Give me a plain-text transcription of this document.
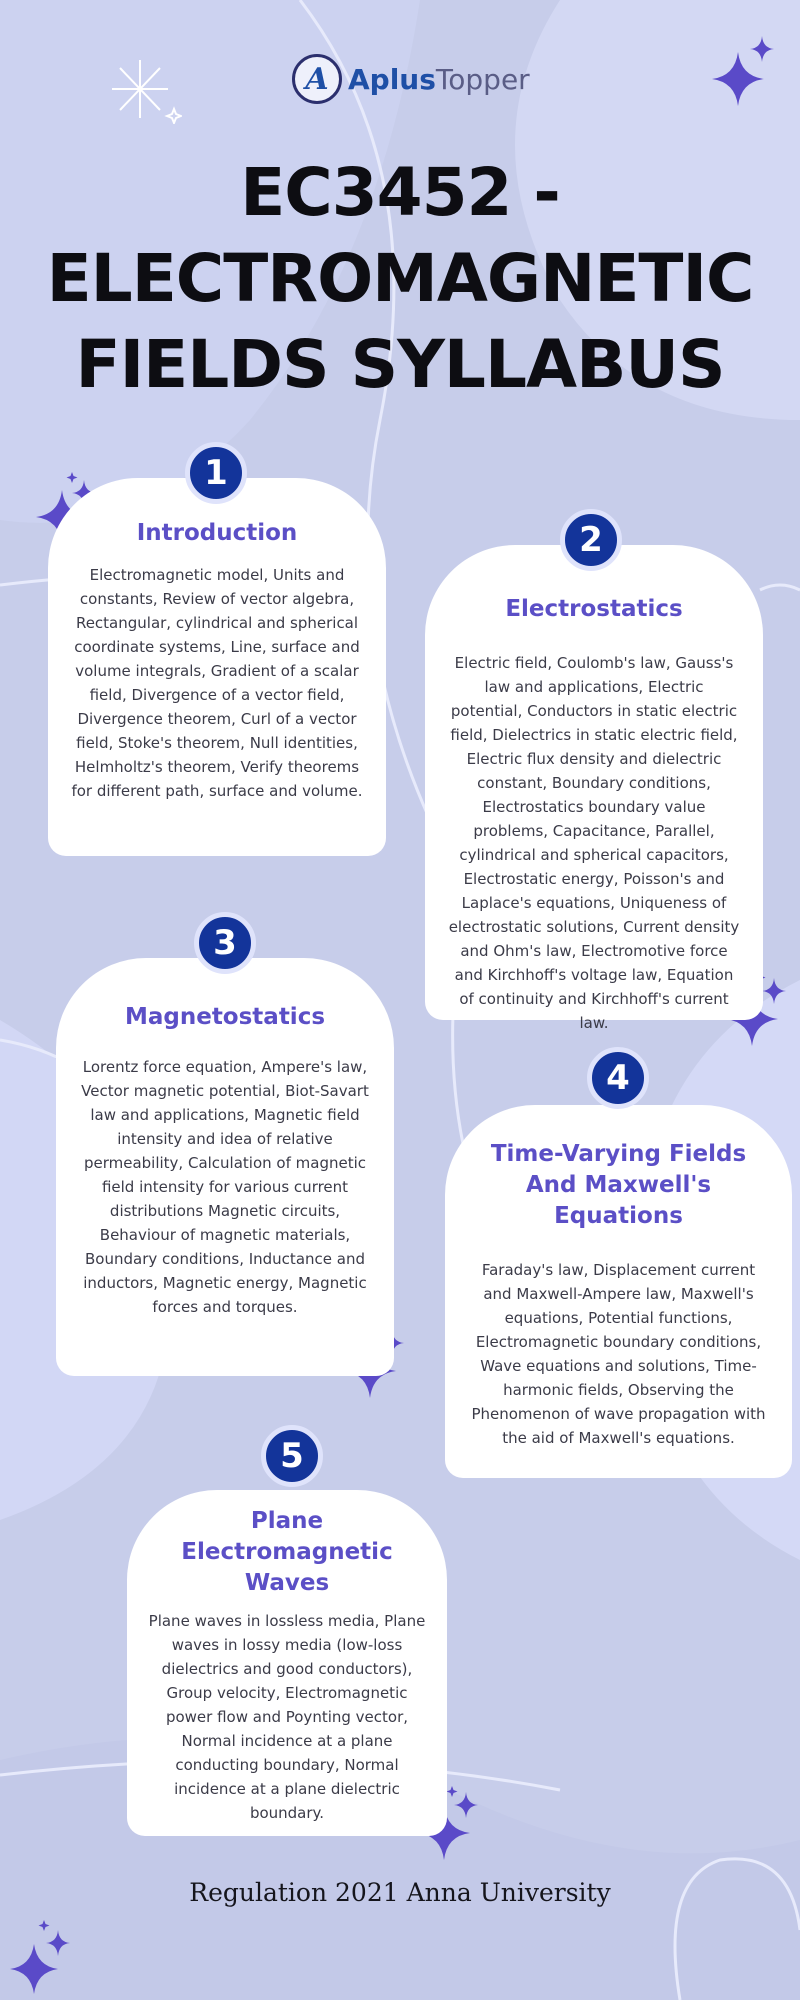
A AplusTopper
EC3452 -
ELECTROMAGNETIC
FIELDS SYLLABUS
Introduction

Electromagnetic model, Units and constants, Review of vector algebra, Rectangular, cylindrical and spherical coordinate systems, Line, surface and volume integrals, Gradient of a scalar field, Divergence of a vector field, Divergence theorem, Curl of a vector field, Stoke's theorem, Null identities, Helmholtz's theorem, Verify theorems for different path, surface and volume.

1
Electrostatics

Electric field, Coulomb's law, Gauss's law and applications, Electric potential, Conductors in static electric field, Dielectrics in static electric field, Electric flux density and dielectric constant, Boundary conditions, Electrostatics boundary value problems, Capacitance, Parallel, cylindrical and spherical capacitors, Electrostatic energy, Poisson's and Laplace's equations, Uniqueness of electrostatic solutions, Current density and Ohm's law, Electromotive force and Kirchhoff's voltage law, Equation of continuity and Kirchhoff's current law.

2
Magnetostatics

Lorentz force equation, Ampere's law, Vector magnetic potential, Biot-Savart law and applications, Magnetic field intensity and idea of relative permeability, Calculation of magnetic field intensity for various current distributions Magnetic circuits, Behaviour of magnetic materials, Boundary conditions, Inductance and inductors, Magnetic energy, Magnetic forces and torques.

3
Time-Varying Fields And Maxwell's Equations

Faraday's law, Displacement current and Maxwell-Ampere law, Maxwell's equations, Potential functions, Electromagnetic boundary conditions, Wave equations and solutions, Time-harmonic fields, Observing the Phenomenon of wave propagation with the aid of Maxwell's equations.

4
Plane Electromagnetic Waves

Plane waves in lossless media, Plane waves in lossy media (low-loss dielectrics and good conductors), Group velocity, Electromagnetic power flow and Poynting vector, Normal incidence at a plane conducting boundary, Normal incidence at a plane dielectric boundary.

5
Regulation 2021 Anna University
